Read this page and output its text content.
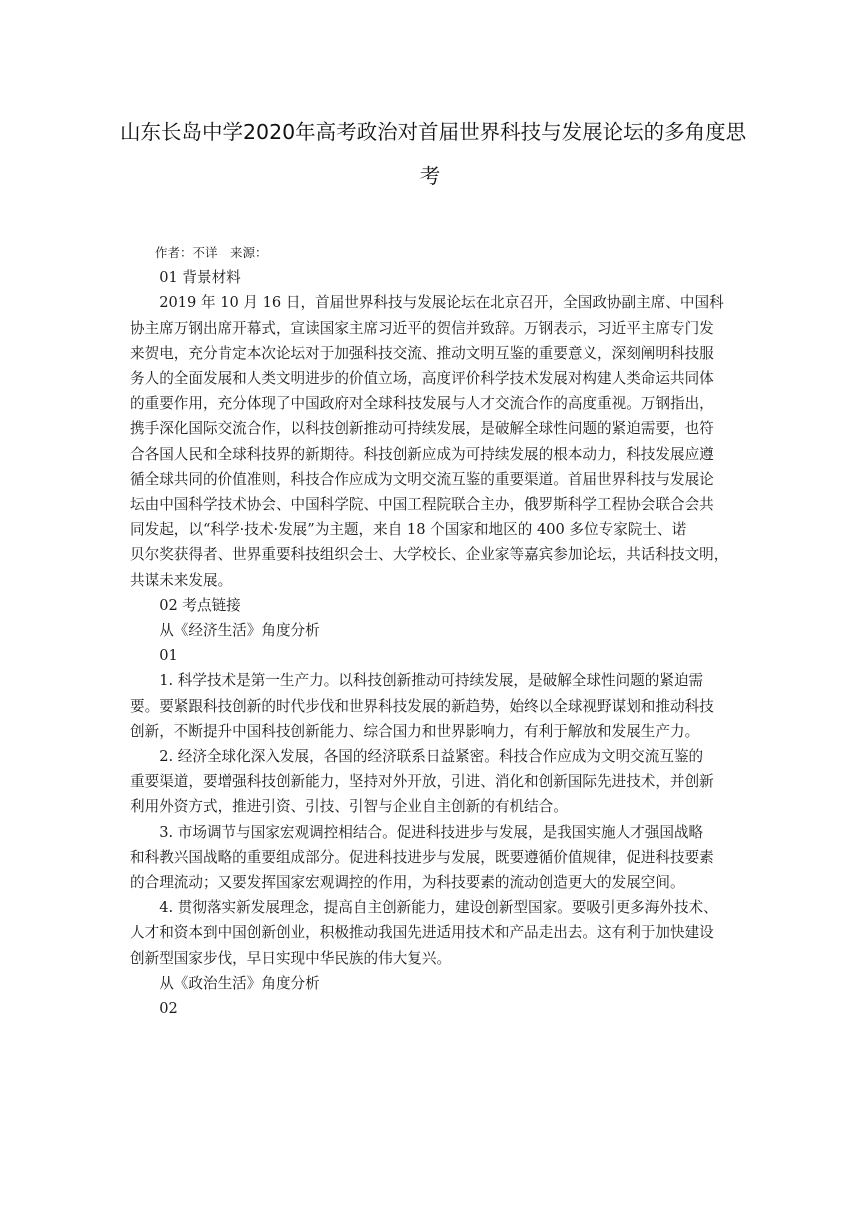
山东长岛中学2020年高考政治对首届世界科技与发展论坛的多角度思
考

作者：不详　来源：

01 背景材料

2019 年 10 月 16 日，首届世界科技与发展论坛在北京召开，全国政协副主席、中国科
协主席万钢出席开幕式，宣读国家主席习近平的贺信并致辞。万钢表示，习近平主席专门发
来贺电，充分肯定本次论坛对于加强科技交流、推动文明互鉴的重要意义，深刻阐明科技服
务人的全面发展和人类文明进步的价值立场，高度评价科学技术发展对构建人类命运共同体
的重要作用，充分体现了中国政府对全球科技发展与人才交流合作的高度重视。万钢指出，
携手深化国际交流合作，以科技创新推动可持续发展，是破解全球性问题的紧迫需要，也符
合各国人民和全球科技界的新期待。科技创新应成为可持续发展的根本动力，科技发展应遵
循全球共同的价值准则，科技合作应成为文明交流互鉴的重要渠道。首届世界科技与发展论
坛由中国科学技术协会、中国科学院、中国工程院联合主办，俄罗斯科学工程协会联合会共
同发起，以“科学·技术·发展”为主题，来自 18 个国家和地区的 400 多位专家院士、诺
贝尔奖获得者、世界重要科技组织会士、大学校长、企业家等嘉宾参加论坛，共话科技文明，
共谋未来发展。

02 考点链接

从《经济生活》角度分析

01

1. 科学技术是第一生产力。以科技创新推动可持续发展，是破解全球性问题的紧迫需
要。要紧跟科技创新的时代步伐和世界科技发展的新趋势，始终以全球视野谋划和推动科技
创新，不断提升中国科技创新能力、综合国力和世界影响力，有利于解放和发展生产力。

2. 经济全球化深入发展，各国的经济联系日益紧密。科技合作应成为文明交流互鉴的
重要渠道，要增强科技创新能力，坚持对外开放，引进、消化和创新国际先进技术，并创新
利用外资方式，推进引资、引技、引智与企业自主创新的有机结合。

3. 市场调节与国家宏观调控相结合。促进科技进步与发展，是我国实施人才强国战略
和科教兴国战略的重要组成部分。促进科技进步与发展，既要遵循价值规律，促进科技要素
的合理流动；又要发挥国家宏观调控的作用，为科技要素的流动创造更大的发展空间。

4. 贯彻落实新发展理念，提高自主创新能力，建设创新型国家。要吸引更多海外技术、
人才和资本到中国创新创业，积极推动我国先进适用技术和产品走出去。这有利于加快建设
创新型国家步伐，早日实现中华民族的伟大复兴。

从《政治生活》角度分析

02
